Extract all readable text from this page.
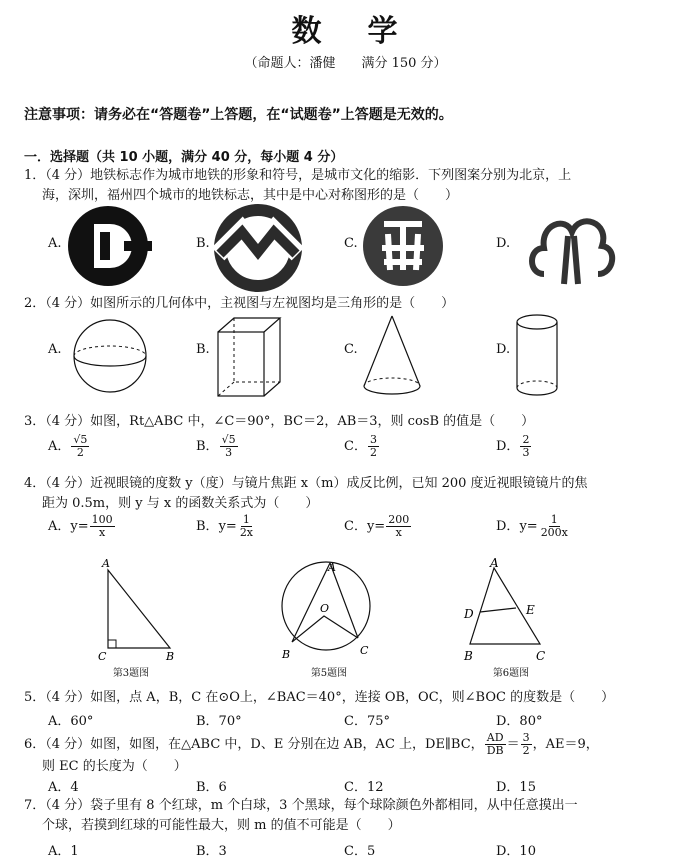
数 学
（命题人：潘健　　满分 150 分）
注意事项：请务必在“答题卷”上答题，在“试题卷”上答题是无效的。
一．选择题（共 10 小题，满分 40 分，每小题 4 分）
1．（4 分）地铁标志作为城市地铁的形象和符号，是城市文化的缩影．下列图案分别为北京，上
海，深圳，福州四个城市的地铁标志，其中是中心对称图形的是（　　）
A.	B.	C.	D.
2．（4 分）如图所示的几何体中，主视图与左视图均是三角形的是（　　）
A.	B.	C.	D.
3．（4 分）如图，Rt△ABC 中，∠C＝90°，BC＝2，AB＝3，则 cosB 的值是（　　）
A． $\frac{√5}{2}$	B． $\frac{√5}{3}$	C． $\frac{3}{2}$	D． $\frac{2}{3}$
4．（4 分）近视眼镜的度数 y（度）与镜片焦距 x（m）成反比例，已知 200 度近视眼镜镜片的焦
距为 0.5m，则 y 与 x 的函数关系式为（　　）
A．$y= \frac{100}{x}$	B．$y= \frac{1}{2x}$	C．$y= \frac{200}{x}$	D．$y= \frac{1}{200x}$
A
C	B
第3题图
A
O
B	C
第5题图
A
D	E
B	C
第6题图
5．（4 分）如图，点 A，B，C 在⊙O上，∠BAC＝40°，连接 OB，OC，则∠BOC 的度数是（　　）
A．60°	B．70°	C．75°	D．80°
6．（4 分）如图，如图，在△ABC 中，D、E 分别在边 AB，AC 上，DE∥BC， $\frac{AD}{DB} = \frac{3}{2}$ ，AE＝9，
则 EC 的长度为（　　）
A．4	B．6	C．12	D．15
7．（4 分）袋子里有 8 个红球，m 个白球，3 个黑球，每个球除颜色外都相同，从中任意摸出一
个球，若摸到红球的可能性最大，则 m 的值不可能是（　　）
A．1	B．3	C．5	D．10
